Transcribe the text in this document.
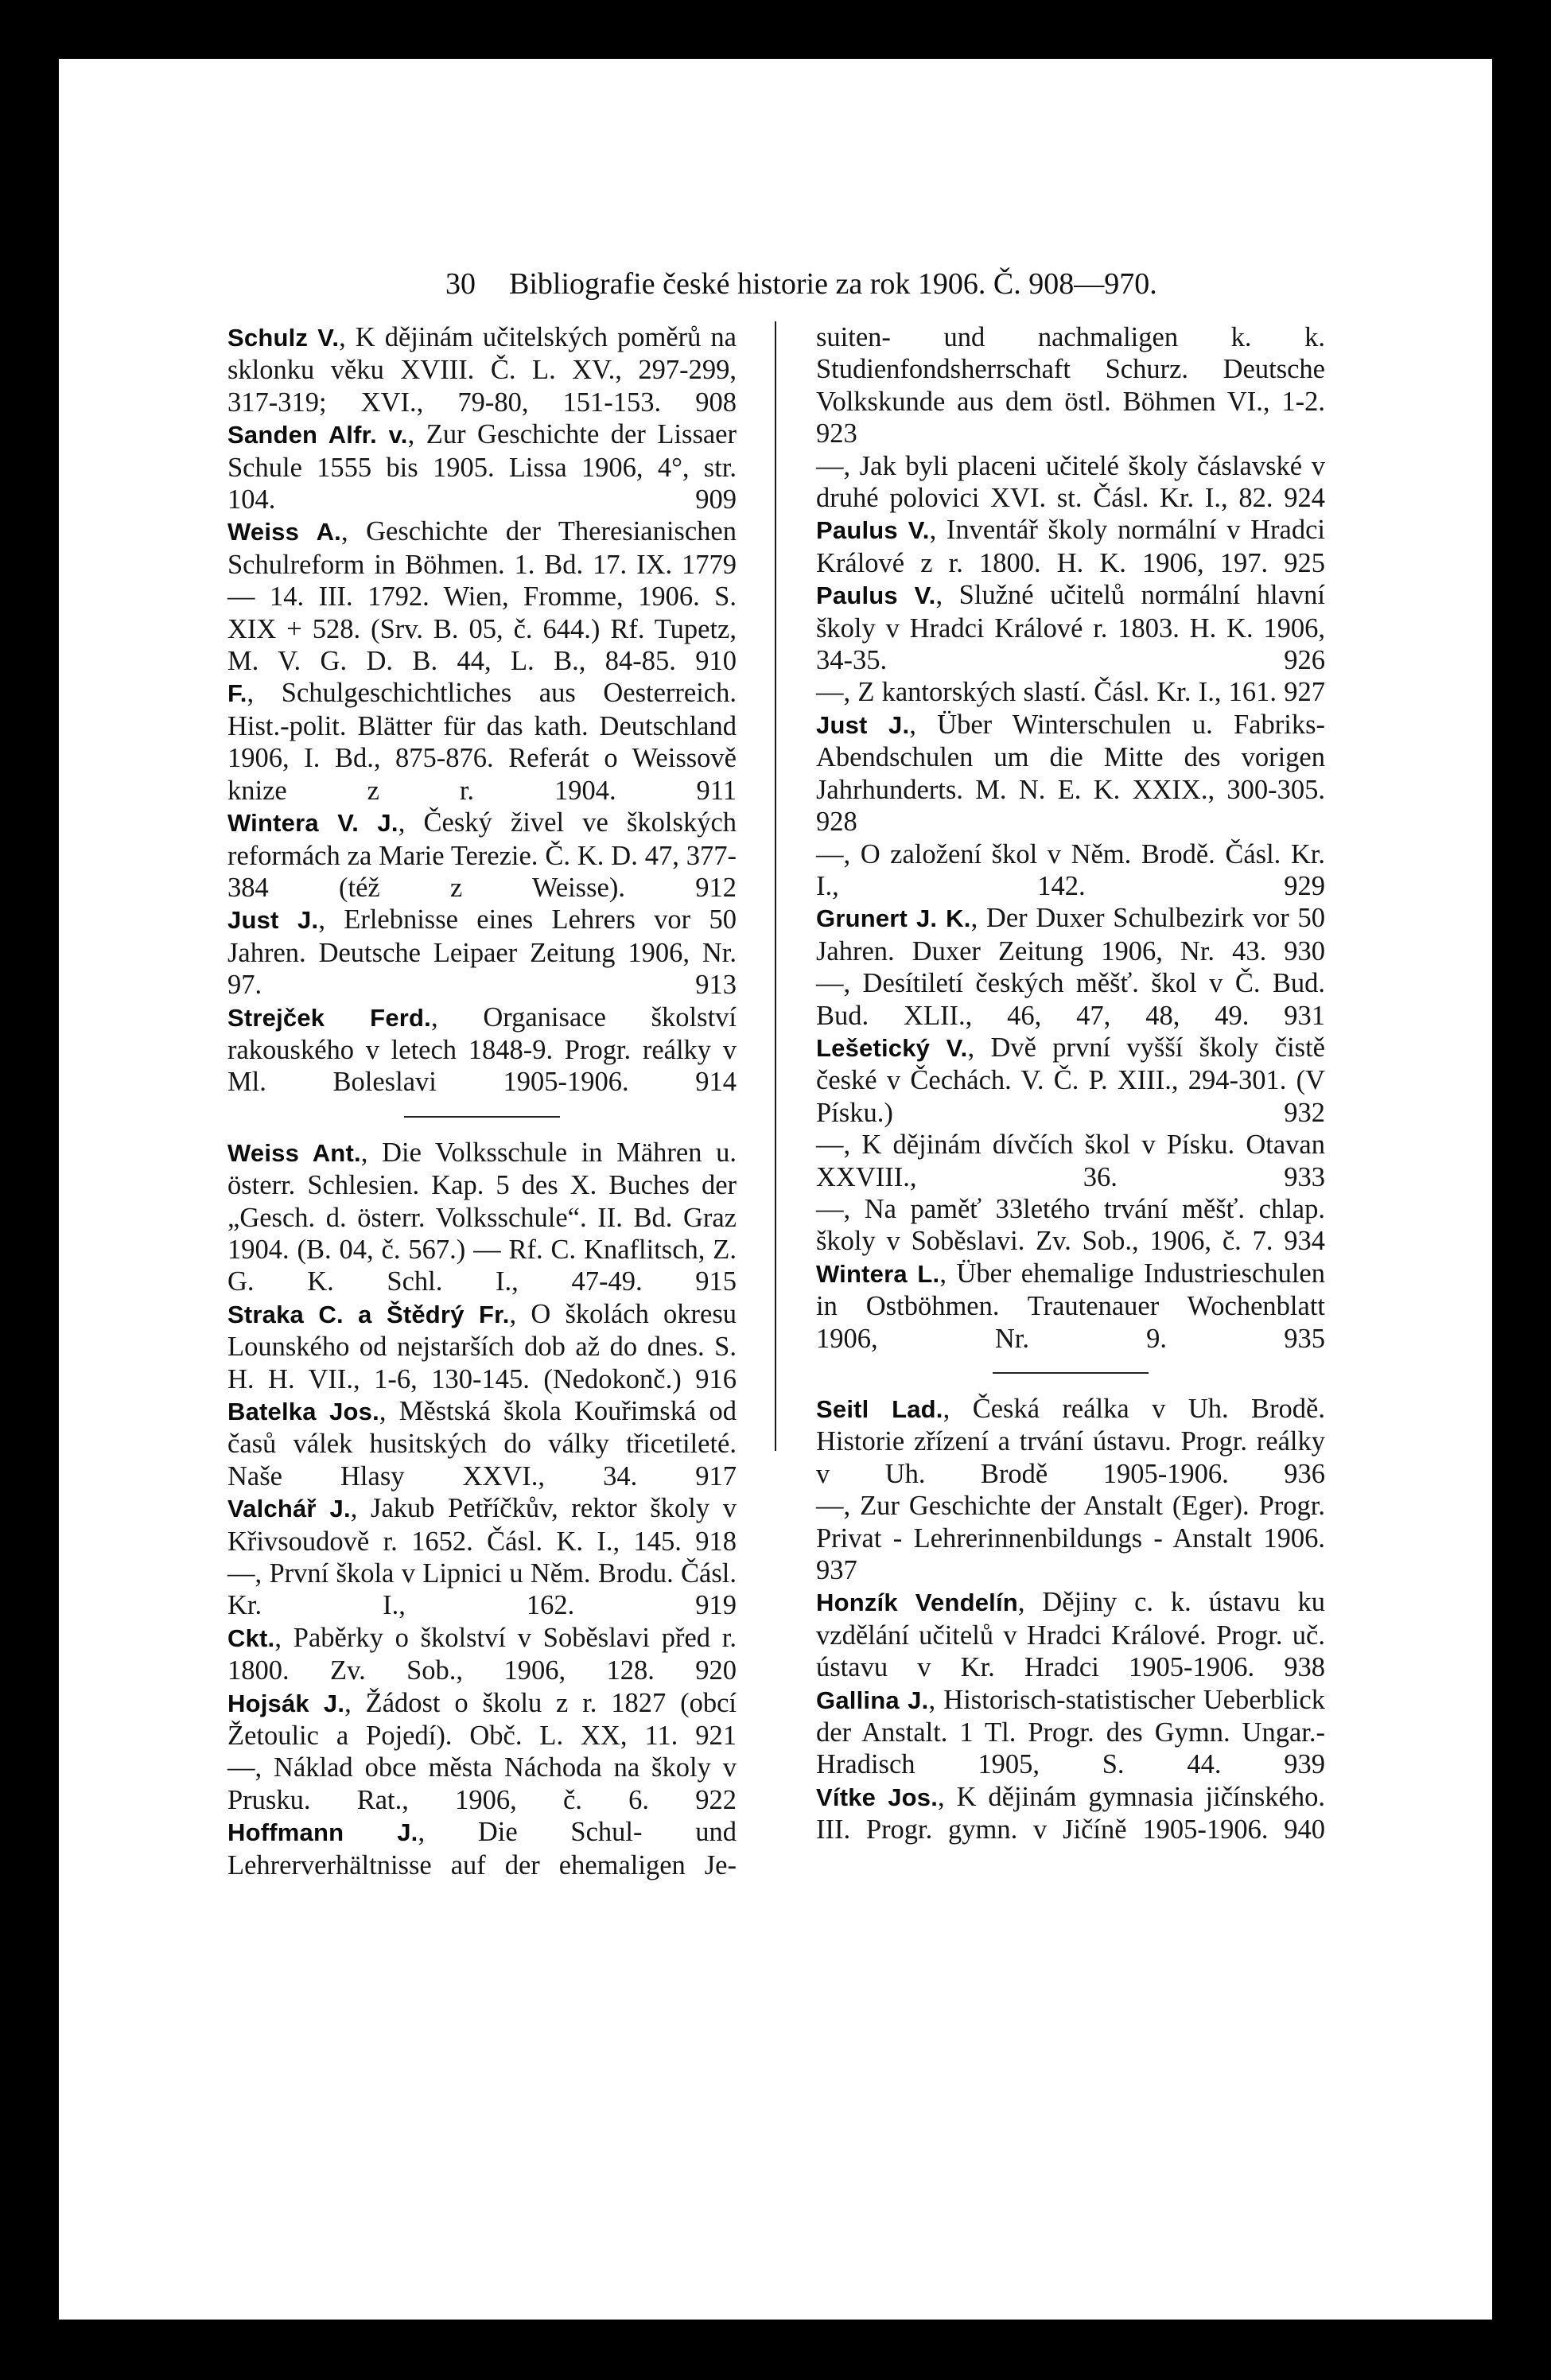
30 Bibliografie české historie za rok 1906. Č. 908—970.

Schulz V., K dějinám učitelských poměrů na sklonku věku XVIII. Č. L. XV., 297-299, 317-319; XVI., 79-80, 151-153. 908

Sanden Alfr. v., Zur Geschichte der Lissaer Schule 1555 bis 1905. Lissa 1906, 4°, str. 104.	909

Weiss A., Geschichte der Theresianischen Schulreform in Böhmen. 1. Bd. 17. IX. 1779 — 14. III. 1792. Wien, Fromme, 1906. S. XIX + 528. (Srv. B. 05, č. 644.) Rf. Tupetz, M. V. G. D. B. 44, L. B., 84-85. 910

F., Schulgeschichtliches aus Oesterreich. Hist.-polit. Blätter für das kath. Deutschland 1906, I. Bd., 875-876. Referát o Weissově knize z r. 1904.	911

Wintera V. J., Český živel ve školských reformách za Marie Terezie. Č. K. D. 47, 377-384 (též z Weisse).	912

Just J., Erlebnisse eines Lehrers vor 50 Jahren. Deutsche Leipaer Zeitung 1906, Nr. 97.	913

Strejček Ferd., Organisace školství rakouského v letech 1848-9. Progr. reálky v Ml. Boleslavi 1905-1906. 914

Weiss Ant., Die Volksschule in Mähren u. österr. Schlesien. Kap. 5 des X. Buches der „Gesch. d. österr. Volksschule“. II. Bd. Graz 1904. (B. 04, č. 567.) — Rf. C. Knaflitsch, Z. G. K. Schl. I., 47-49. 915

Straka C. a Štědrý Fr., O školách okresu Lounského od nejstarších dob až do dnes. S. H. H. VII., 1-6, 130-145. (Nedokonč.) 916

Batelka Jos., Městská škola Kouřimská od časů válek husitských do války třicetileté. Naše Hlasy XXVI., 34. 917

Valchář J., Jakub Petříčkův, rektor školy v Křivsoudově r. 1652. Čásl. K. I., 145. 918

—, První škola v Lipnici u Něm. Brodu. Čásl. Kr. I., 162.	919

Ckt., Paběrky o školství v Soběslavi před r. 1800. Zv. Sob., 1906, 128. 920

Hojsák J., Žádost o školu z r. 1827 (obcí Žetoulic a Pojedí). Obč. L. XX, 11. 921

—, Náklad obce města Náchoda na školy v Prusku. Rat., 1906, č. 6. 922

Hoffmann J., Die Schul- und Lehrerverhältnisse auf der ehemaligen Je-

suiten- und nachmaligen k. k. Studienfondsherrschaft Schurz. Deutsche Volkskunde aus dem östl. Böhmen VI., 1-2. 923

—, Jak byli placeni učitelé školy čáslavské v druhé polovici XVI. st. Čásl. Kr. I., 82. 924

Paulus V., Inventář školy normální v Hradci Králové z r. 1800. H. K. 1906, 197. 925

Paulus V., Služné učitelů normální hlavní školy v Hradci Králové r. 1803. H. K. 1906, 34-35.	926

—, Z kantorských slastí. Čásl. Kr. I., 161. 927

Just J., Über Winterschulen u. Fabriks-Abendschulen um die Mitte des vorigen Jahrhunderts. M. N. E. K. XXIX., 300-305. 928

—, O založení škol v Něm. Brodě. Čásl. Kr. I., 142.	929

Grunert J. K., Der Duxer Schulbezirk vor 50 Jahren. Duxer Zeitung 1906, Nr. 43. 930

—, Desítiletí českých měšť. škol v Č. Bud. Bud. XLII., 46, 47, 48, 49. 931

Lešetický V., Dvě první vyšší školy čistě české v Čechách. V. Č. P. XIII., 294-301. (V Písku.)	932

—, K dějinám dívčích škol v Písku. Otavan XXVIII., 36.	933

—, Na paměť 33letého trvání měšť. chlap. školy v Soběslavi. Zv. Sob., 1906, č. 7. 934

Wintera L., Über ehemalige Industrieschulen in Ostböhmen. Trautenauer Wochenblatt 1906, Nr. 9.	935

Seitl Lad., Česká reálka v Uh. Brodě. Historie zřízení a trvání ústavu. Progr. reálky v Uh. Brodě 1905-1906. 936

—, Zur Geschichte der Anstalt (Eger). Progr. Privat - Lehrerinnenbildungs - Anstalt 1906. 937

Honzík Vendelín, Dějiny c. k. ústavu ku vzdělání učitelů v Hradci Králové. Progr. uč. ústavu v Kr. Hradci 1905-1906. 938

Gallina J., Historisch-statistischer Ueberblick der Anstalt. 1 Tl. Progr. des Gymn. Ungar.-Hradisch 1905, S. 44. 939

Vítke Jos., K dějinám gymnasia jičínského. III. Progr. gymn. v Jičíně 1905-1906. 940
